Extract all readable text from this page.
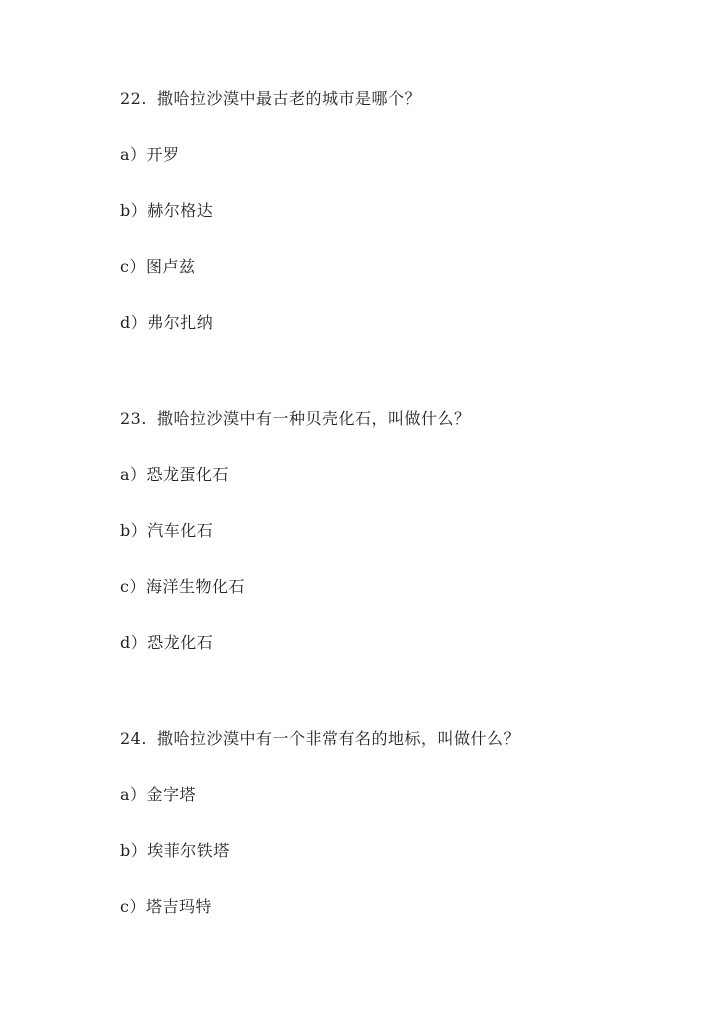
22. 撒哈拉沙漠中最古老的城市是哪个？
a）开罗
b）赫尔格达
c）图卢兹
d）弗尔扎纳
23. 撒哈拉沙漠中有一种贝壳化石，叫做什么？
a）恐龙蛋化石
b）汽车化石
c）海洋生物化石
d）恐龙化石
24. 撒哈拉沙漠中有一个非常有名的地标，叫做什么？
a）金字塔
b）埃菲尔铁塔
c）塔吉玛特
